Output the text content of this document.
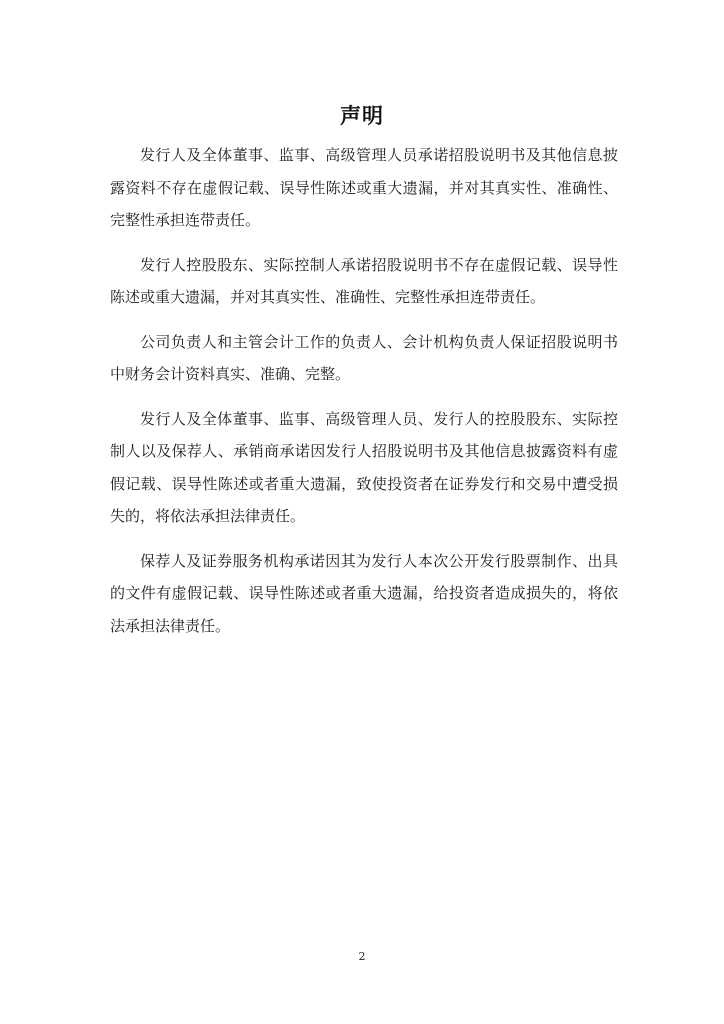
声明

发行人及全体董事、监事、高级管理人员承诺招股说明书及其他信息披露资料不存在虚假记载、误导性陈述或重大遗漏，并对其真实性、准确性、完整性承担连带责任。

发行人控股股东、实际控制人承诺招股说明书不存在虚假记载、误导性陈述或重大遗漏，并对其真实性、准确性、完整性承担连带责任。

公司负责人和主管会计工作的负责人、会计机构负责人保证招股说明书中财务会计资料真实、准确、完整。

发行人及全体董事、监事、高级管理人员、发行人的控股股东、实际控制人以及保荐人、承销商承诺因发行人招股说明书及其他信息披露资料有虚假记载、误导性陈述或者重大遗漏，致使投资者在证券发行和交易中遭受损失的，将依法承担法律责任。

保荐人及证券服务机构承诺因其为发行人本次公开发行股票制作、出具的文件有虚假记载、误导性陈述或者重大遗漏，给投资者造成损失的，将依法承担法律责任。

2
